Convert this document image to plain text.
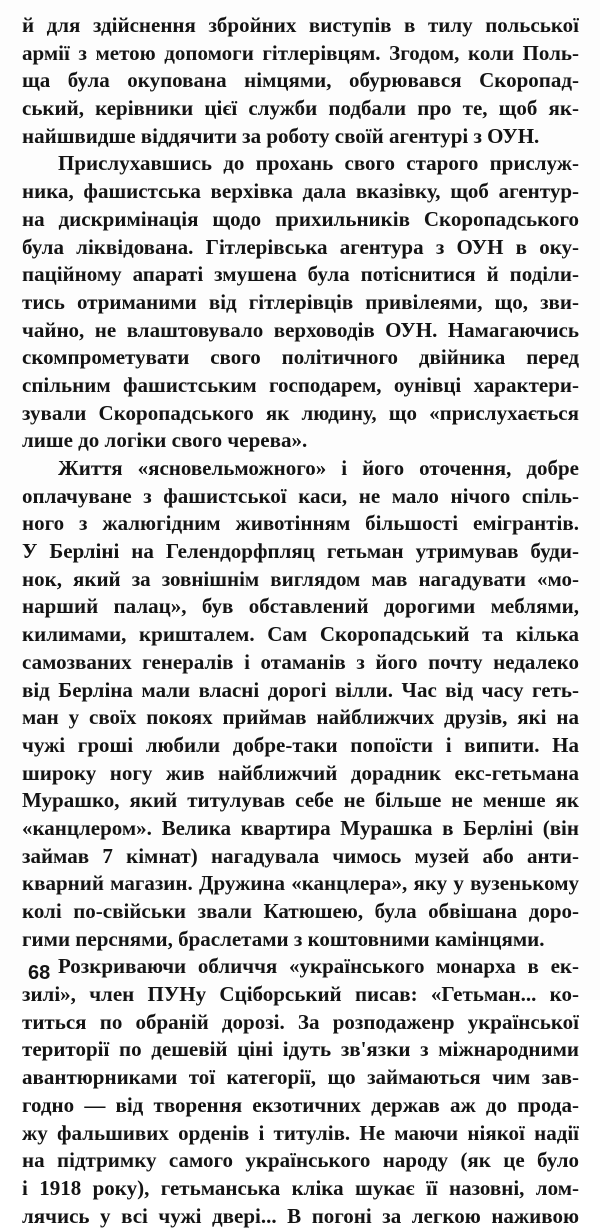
й для здійснення збройних виступів в тилу польської
армії з метою допомоги гітлерівцям. Згодом, коли Поль-
ща була окупована німцями, обурювався Скоропад-
ський, керівники цієї служби подбали про те, щоб як-
найшвидше віддячити за роботу своїй агентурі з ОУН.
Прислухавшись до прохань свого старого прислуж-
ника, фашистська верхівка дала вказівку, щоб агентур-
на дискримінація щодо прихильників Скоропадського
була ліквідована. Гітлерівська агентура з ОУН в оку-
паційному апараті змушена була потіснитися й поділи-
тись отриманими від гітлерівців привілеями, що, зви-
чайно, не влаштовувало верховодів ОУН. Намагаючись
скомпрометувати свого політичного двійника перед
спільним фашистським господарем, оунівці характери-
зували Скоропадського як людину, що «прислухається
лише до логіки свого черева».
Життя «ясновельможного» і його оточення, добре
оплачуване з фашистської каси, не мало нічого спіль-
ного з жалюгідним животінням більшості емігрантів.
У Берліні на Гелендорфпляц гетьман утримував буди-
нок, який за зовнішнім виглядом мав нагадувати «мо-
нарший палац», був обставлений дорогими меблями,
килимами, кришталем. Сам Скоропадський та кілька
самозваних генералів і отаманів з його почту недалеко
від Берліна мали власні дорогі вілли. Час від часу геть-
ман у своїх покоях приймав найближчих друзів, які на
чужі гроші любили добре-таки попоїсти і випити. На
широку ногу жив найближчий дорадник екс-гетьмана
Мурашко, який титулував себе не більше не менше як
«канцлером». Велика квартира Мурашка в Берліні (він
займав 7 кімнат) нагадувала чимось музей або анти-
кварний магазин. Дружина «канцлера», яку у вузенькому
колі по-свійськи звали Катюшею, була обвішана доро-
гими перснями, браслетами з коштовними камінцями.
Розкриваючи обличчя «українського монарха в ек-
зилі», член ПУНу Сціборський писав: «Гетьман... ко-
титься по обраній дорозі. За розподаженр української
території по дешевій ціні ідуть зв'язки з міжнародними
авантюрниками тої категорії, що займаються чим зав-
годно — від творення екзотичних держав аж до прода-
жу фальшивих орденів і титулів. Не маючи ніякої надії
на підтримку самого українського народу (як це було
і 1918 року), гетьманська кліка шукає її назовні, лом-
лячись у всі чужі двері... В погоні за легкою наживою
68
